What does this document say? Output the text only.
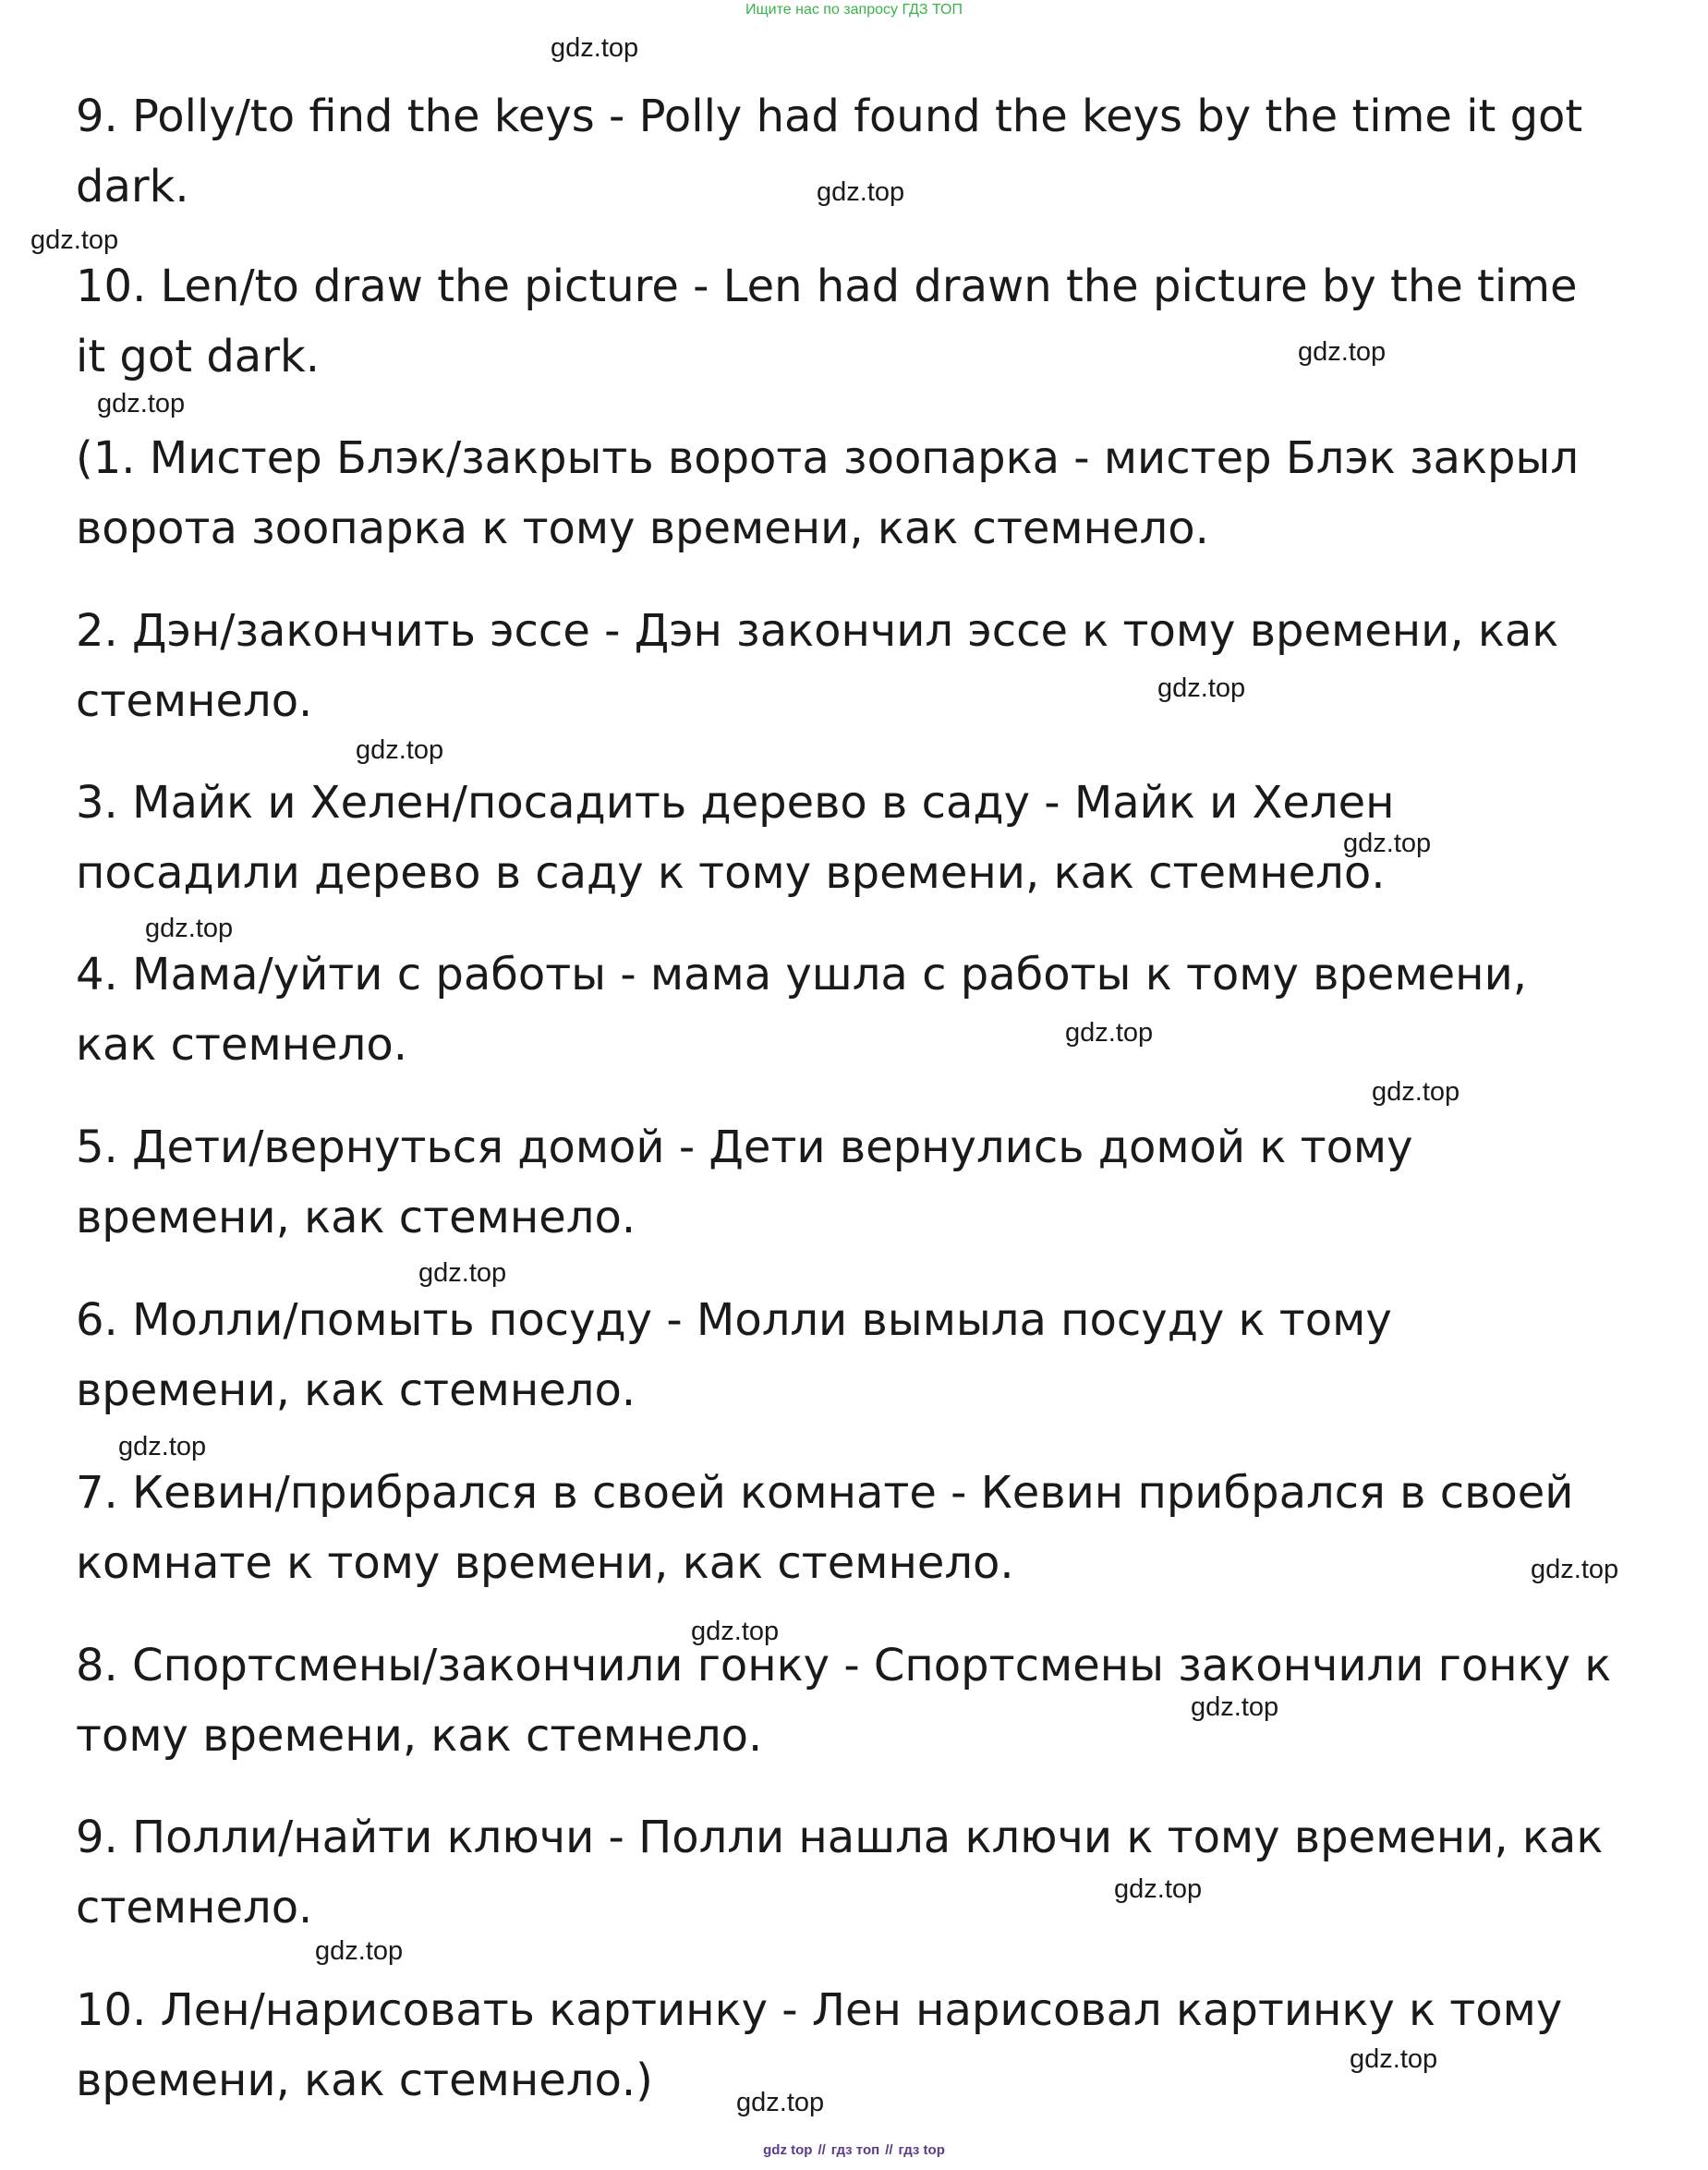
Ищите нас по запросу ГДЗ ТОП

9. Polly/to find the keys - Polly had found the keys by the time it got
dark.

10. Len/to draw the picture - Len had drawn the picture by the time
it got dark.

(1. Мистер Блэк/закрыть ворота зоопарка - мистер Блэк закрыл
ворота зоопарка к тому времени, как стемнело.

2. Дэн/закончить эссе - Дэн закончил эссе к тому времени, как
стемнело.

3. Майк и Хелен/посадить дерево в саду - Майк и Хелен
посадили дерево в саду к тому времени, как стемнело.

4. Мама/уйти с работы - мама ушла с работы к тому времени,
как стемнело.

5. Дети/вернуться домой - Дети вернулись домой к тому
времени, как стемнело.

6. Молли/помыть посуду - Молли вымыла посуду к тому
времени, как стемнело.

7. Кевин/прибрался в своей комнате - Кевин прибрался в своей
комнате к тому времени, как стемнело.

8. Спортсмены/закончили гонку - Спортсмены закончили гонку к
тому времени, как стемнело.

9. Полли/найти ключи - Полли нашла ключи к тому времени, как
стемнело.

10. Лен/нарисовать картинку - Лен нарисовал картинку к тому
времени, как стемнело.)

gdz.top
gdz.top
gdz.top
gdz.top
gdz.top
gdz.top
gdz.top
gdz.top
gdz.top
gdz.top
gdz.top
gdz.top
gdz.top
gdz.top
gdz.top
gdz.top
gdz.top
gdz.top
gdz.top
gdz.top
gdz top // гдз топ // гдз top
